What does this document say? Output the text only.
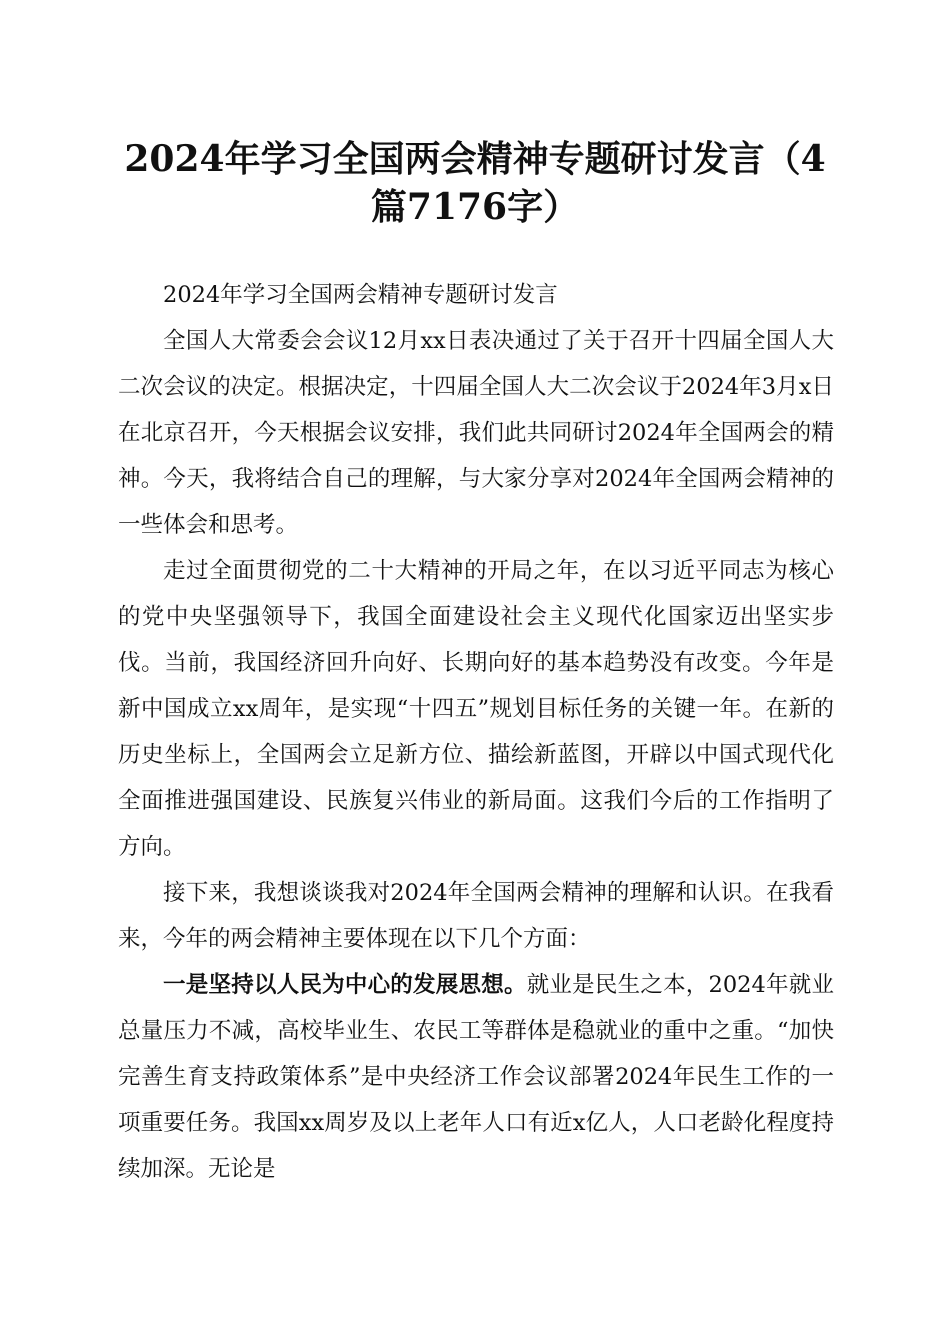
2024年学习全国两会精神专题研讨发言（4篇7176字）

2024年学习全国两会精神专题研讨发言

全国人大常委会会议12月xx日表决通过了关于召开十四届全国人大二次会议的决定。根据决定，十四届全国人大二次会议于2024年3月x日在北京召开，今天根据会议安排，我们此共同研讨2024年全国两会的精神。今天，我将结合自己的理解，与大家分享对2024年全国两会精神的一些体会和思考。

走过全面贯彻党的二十大精神的开局之年，在以习近平同志为核心的党中央坚强领导下，我国全面建设社会主义现代化国家迈出坚实步伐。当前，我国经济回升向好、长期向好的基本趋势没有改变。今年是新中国成立xx周年，是实现“十四五”规划目标任务的关键一年。在新的历史坐标上，全国两会立足新方位、描绘新蓝图，开辟以中国式现代化全面推进强国建设、民族复兴伟业的新局面。这我们今后的工作指明了方向。

接下来，我想谈谈我对2024年全国两会精神的理解和认识。在我看来，今年的两会精神主要体现在以下几个方面：

一是坚持以人民为中心的发展思想。就业是民生之本，2024年就业总量压力不减，高校毕业生、农民工等群体是稳就业的重中之重。“加快完善生育支持政策体系”是中央经济工作会议部署2024年民生工作的一项重要任务。我国xx周岁及以上老年人口有近x亿人，人口老龄化程度持续加深。无论是
